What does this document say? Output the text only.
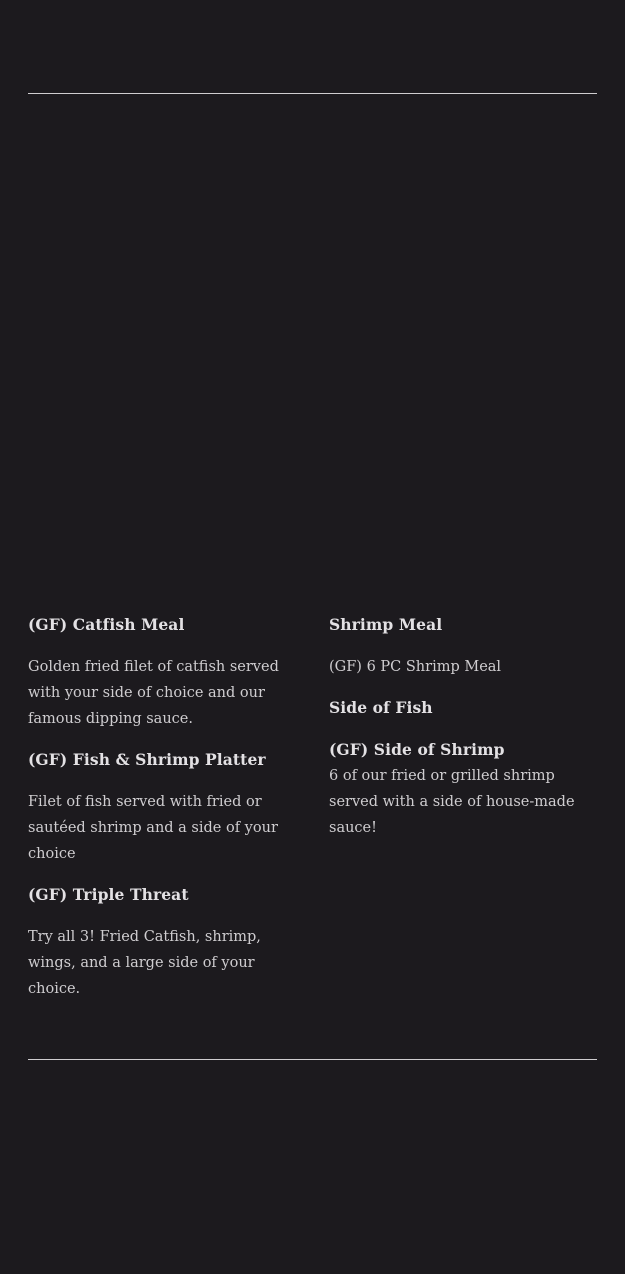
(GF) Catfish Meal

Golden fried filet of catfish served with your side of choice and our famous dipping sauce.

(GF) Fish & Shrimp Platter

Filet of fish served with fried or sautéed shrimp and a side of your choice

(GF) Triple Threat

Try all 3! Fried Catfish, shrimp, wings, and a large side of your choice.

Shrimp Meal

(GF) 6 PC Shrimp Meal

Side of Fish

(GF) Side of Shrimp

6 of our fried or grilled shrimp served with a side of house-made sauce!
